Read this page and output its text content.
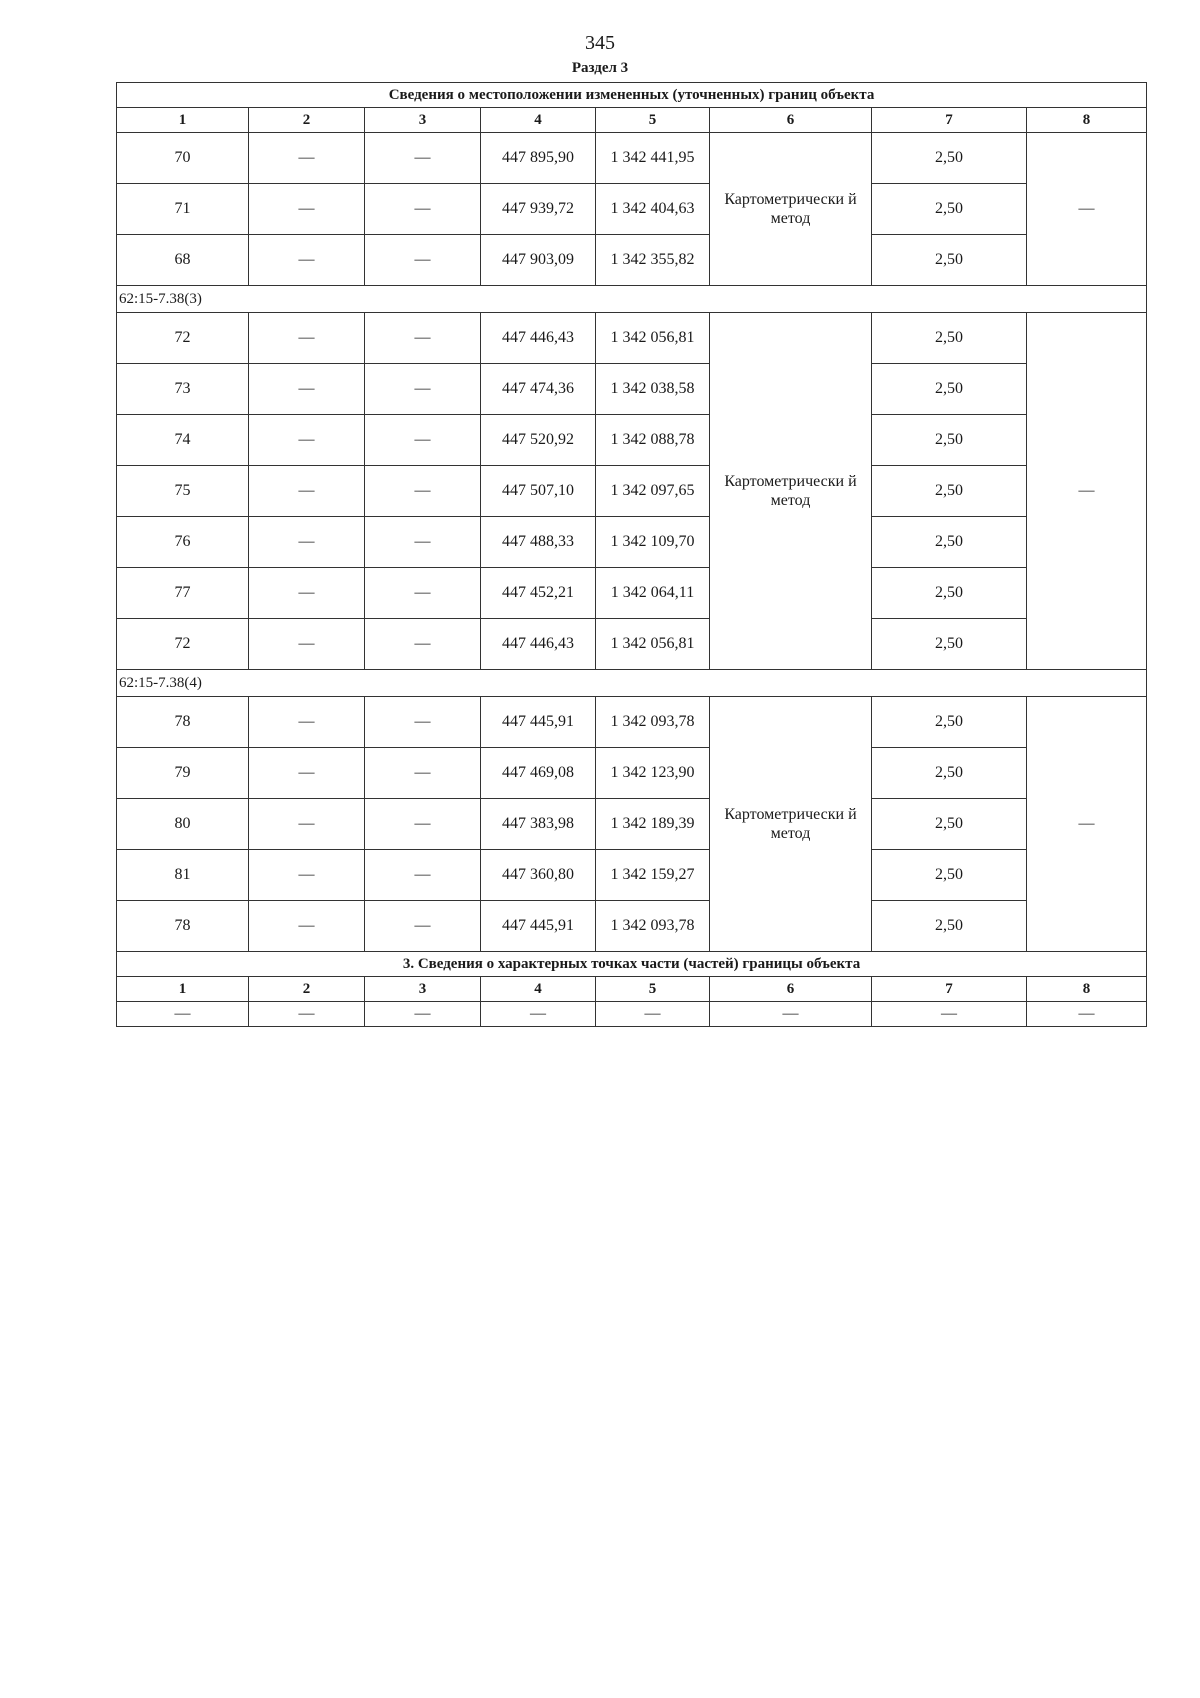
345
Раздел 3
Сведения о местоположении измененных (уточненных) границ объекта							
1	2	3	4	5	6	7	8
70	—	—	447 895,90	1 342 441,95	Картометрически й метод	2,50	—
71	—	—	447 939,72	1 342 404,63		2,50	
68	—	—	447 903,09	1 342 355,82		2,50	
62:15-7.38(3)							
72	—	—	447 446,43	1 342 056,81	Картометрически й метод	2,50	—
73	—	—	447 474,36	1 342 038,58		2,50	
74	—	—	447 520,92	1 342 088,78		2,50	
75	—	—	447 507,10	1 342 097,65		2,50	
76	—	—	447 488,33	1 342 109,70		2,50	
77	—	—	447 452,21	1 342 064,11		2,50	
72	—	—	447 446,43	1 342 056,81		2,50	
62:15-7.38(4)							
78	—	—	447 445,91	1 342 093,78	Картометрически й метод	2,50	—
79	—	—	447 469,08	1 342 123,90		2,50	
80	—	—	447 383,98	1 342 189,39		2,50	
81	—	—	447 360,80	1 342 159,27		2,50	
78	—	—	447 445,91	1 342 093,78		2,50	
3. Сведения о характерных точках части (частей) границы объекта							
1	2	3	4	5	6	7	8
—	—	—	—	—	—	—	—
